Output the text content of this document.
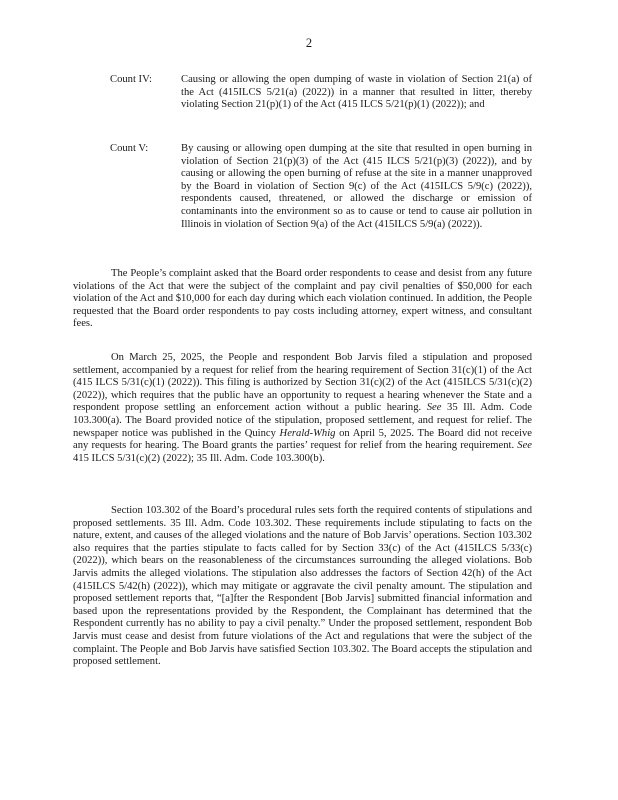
2
Count IV:	Causing or allowing the open dumping of waste in violation of Section 21(a) of the Act (415ILCS 5/21(a) (2022)) in a manner that resulted in litter, thereby violating Section 21(p)(1) of the Act (415 ILCS 5/21(p)(1) (2022)); and
Count V:	By causing or allowing open dumping at the site that resulted in open burning in violation of Section 21(p)(3) of the Act (415 ILCS 5/21(p)(3) (2022)), and by causing or allowing the open burning of refuse at the site in a manner unapproved by the Board in violation of Section 9(c) of the Act (415ILCS 5/9(c) (2022)), respondents caused, threatened, or allowed the discharge or emission of contaminants into the environment so as to cause or tend to cause air pollution in Illinois in violation of Section 9(a) of the Act (415ILCS 5/9(a) (2022)).
The People’s complaint asked that the Board order respondents to cease and desist from any future violations of the Act that were the subject of the complaint and pay civil penalties of $50,000 for each violation of the Act and $10,000 for each day during which each violation continued. In addition, the People requested that the Board order respondents to pay costs including attorney, expert witness, and consultant fees.
On March 25, 2025, the People and respondent Bob Jarvis filed a stipulation and proposed settlement, accompanied by a request for relief from the hearing requirement of Section 31(c)(1) of the Act (415 ILCS 5/31(c)(1) (2022)). This filing is authorized by Section 31(c)(2) of the Act (415ILCS 5/31(c)(2) (2022)), which requires that the public have an opportunity to request a hearing whenever the State and a respondent propose settling an enforcement action without a public hearing. See 35 Ill. Adm. Code 103.300(a). The Board provided notice of the stipulation, proposed settlement, and request for relief. The newspaper notice was published in the Quincy Herald-Whig on April 5, 2025. The Board did not receive any requests for hearing. The Board grants the parties’ request for relief from the hearing requirement. See 415 ILCS 5/31(c)(2) (2022); 35 Ill. Adm. Code 103.300(b).
Section 103.302 of the Board’s procedural rules sets forth the required contents of stipulations and proposed settlements. 35 Ill. Adm. Code 103.302. These requirements include stipulating to facts on the nature, extent, and causes of the alleged violations and the nature of Bob Jarvis’ operations. Section 103.302 also requires that the parties stipulate to facts called for by Section 33(c) of the Act (415ILCS 5/33(c) (2022)), which bears on the reasonableness of the circumstances surrounding the alleged violations. Bob Jarvis admits the alleged violations. The stipulation also addresses the factors of Section 42(h) of the Act (415ILCS 5/42(h) (2022)), which may mitigate or aggravate the civil penalty amount. The stipulation and proposed settlement reports that, “[a]fter the Respondent [Bob Jarvis] submitted financial information and based upon the representations provided by the Respondent, the Complainant has determined that the Respondent currently has no ability to pay a civil penalty.” Under the proposed settlement, respondent Bob Jarvis must cease and desist from future violations of the Act and regulations that were the subject of the complaint. The People and Bob Jarvis have satisfied Section 103.302. The Board accepts the stipulation and proposed settlement.
